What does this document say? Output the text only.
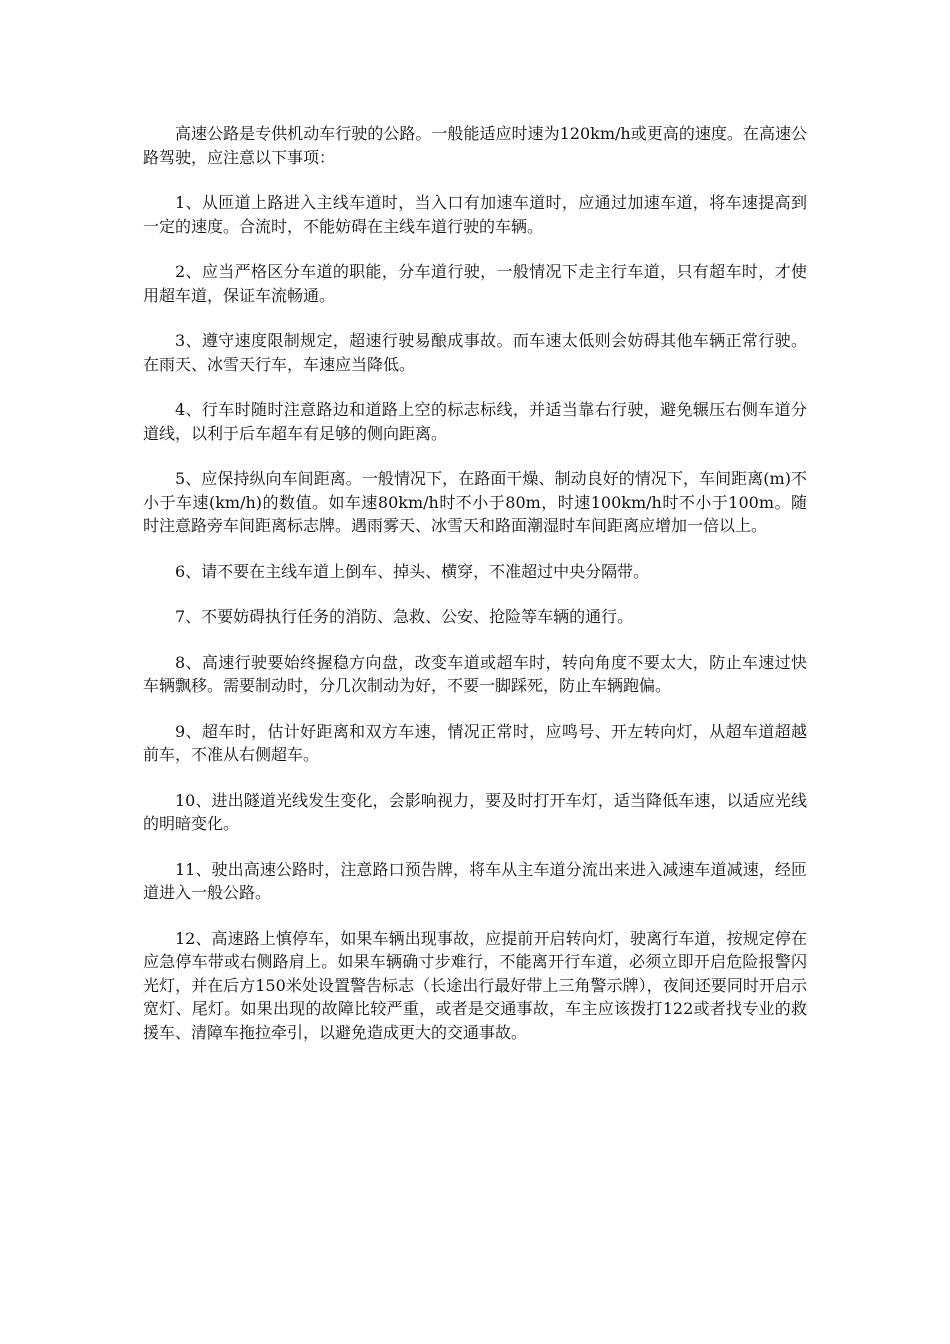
高速公路是专供机动车行驶的公路。一般能适应时速为120km/h或更高的速度。在高速公路驾驶，应注意以下事项：

1、从匝道上路进入主线车道时，当入口有加速车道时，应通过加速车道，将车速提高到一定的速度。合流时，不能妨碍在主线车道行驶的车辆。

2、应当严格区分车道的职能，分车道行驶，一般情况下走主行车道，只有超车时，才使用超车道，保证车流畅通。

3、遵守速度限制规定，超速行驶易酿成事故。而车速太低则会妨碍其他车辆正常行驶。在雨天、冰雪天行车，车速应当降低。

4、行车时随时注意路边和道路上空的标志标线，并适当靠右行驶，避免辗压右侧车道分道线，以利于后车超车有足够的侧向距离。

5、应保持纵向车间距离。一般情况下，在路面干燥、制动良好的情况下，车间距离(m)不小于车速(km/h)的数值。如车速80km/h时不小于80m，时速100km/h时不小于100m。随时注意路旁车间距离标志牌。遇雨雾天、冰雪天和路面潮湿时车间距离应增加一倍以上。

6、请不要在主线车道上倒车、掉头、横穿，不准超过中央分隔带。

7、不要妨碍执行任务的消防、急救、公安、抢险等车辆的通行。

8、高速行驶要始终握稳方向盘，改变车道或超车时，转向角度不要太大，防止车速过快车辆飘移。需要制动时，分几次制动为好，不要一脚踩死，防止车辆跑偏。

9、超车时，估计好距离和双方车速，情况正常时，应鸣号、开左转向灯，从超车道超越前车，不准从右侧超车。

10、进出隧道光线发生变化，会影响视力，要及时打开车灯，适当降低车速，以适应光线的明暗变化。

11、驶出高速公路时，注意路口预告牌，将车从主车道分流出来进入减速车道减速，经匝道进入一般公路。

12、高速路上慎停车，如果车辆出现事故，应提前开启转向灯，驶离行车道，按规定停在应急停车带或右侧路肩上。如果车辆确寸步难行，不能离开行车道，必须立即开启危险报警闪光灯，并在后方150米处设置警告标志（长途出行最好带上三角警示牌），夜间还要同时开启示宽灯、尾灯。如果出现的故障比较严重，或者是交通事故，车主应该拨打122或者找专业的救援车、清障车拖拉牵引，以避免造成更大的交通事故。
